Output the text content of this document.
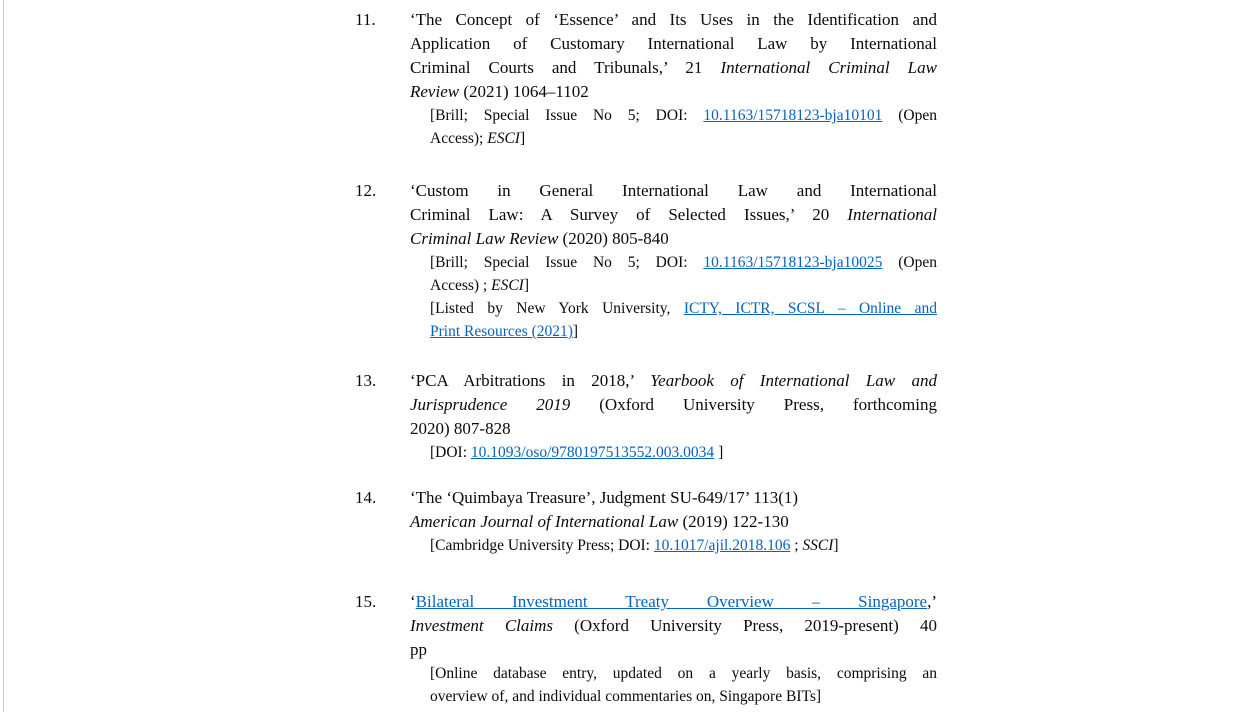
11.	‘The Concept of ‘Essence’ and Its Uses in the Identification and
Application of Customary International Law by International
Criminal Courts and Tribunals,’ 21 International Criminal Law
Review (2021) 1064–1102
[Brill; Special Issue No 5; DOI: 10.1163/15718123-bja10101 (Open
Access); ESCI]
12.	‘Custom in General International Law and International
Criminal Law: A Survey of Selected Issues,’ 20 International
Criminal Law Review (2020) 805-840
[Brill; Special Issue No 5; DOI: 10.1163/15718123-bja10025 (Open
Access) ; ESCI]
[Listed by New York University, ICTY, ICTR, SCSL – Online and
Print Resources (2021)]
13.	‘PCA Arbitrations in 2018,’ Yearbook of International Law and
Jurisprudence 2019 (Oxford University Press, forthcoming
2020) 807-828
[DOI: 10.1093/oso/9780197513552.003.0034 ]
14.	‘The ‘Quimbaya Treasure’, Judgment SU-649/17’ 113(1)
American Journal of International Law (2019) 122-130
[Cambridge University Press; DOI: 10.1017/ajil.2018.106 ; SSCI]
15.	‘Bilateral Investment Treaty Overview – Singapore,’
Investment Claims (Oxford University Press, 2019-present) 40
pp
[Online database entry, updated on a yearly basis, comprising an
overview of, and individual commentaries on, Singapore BITs]
